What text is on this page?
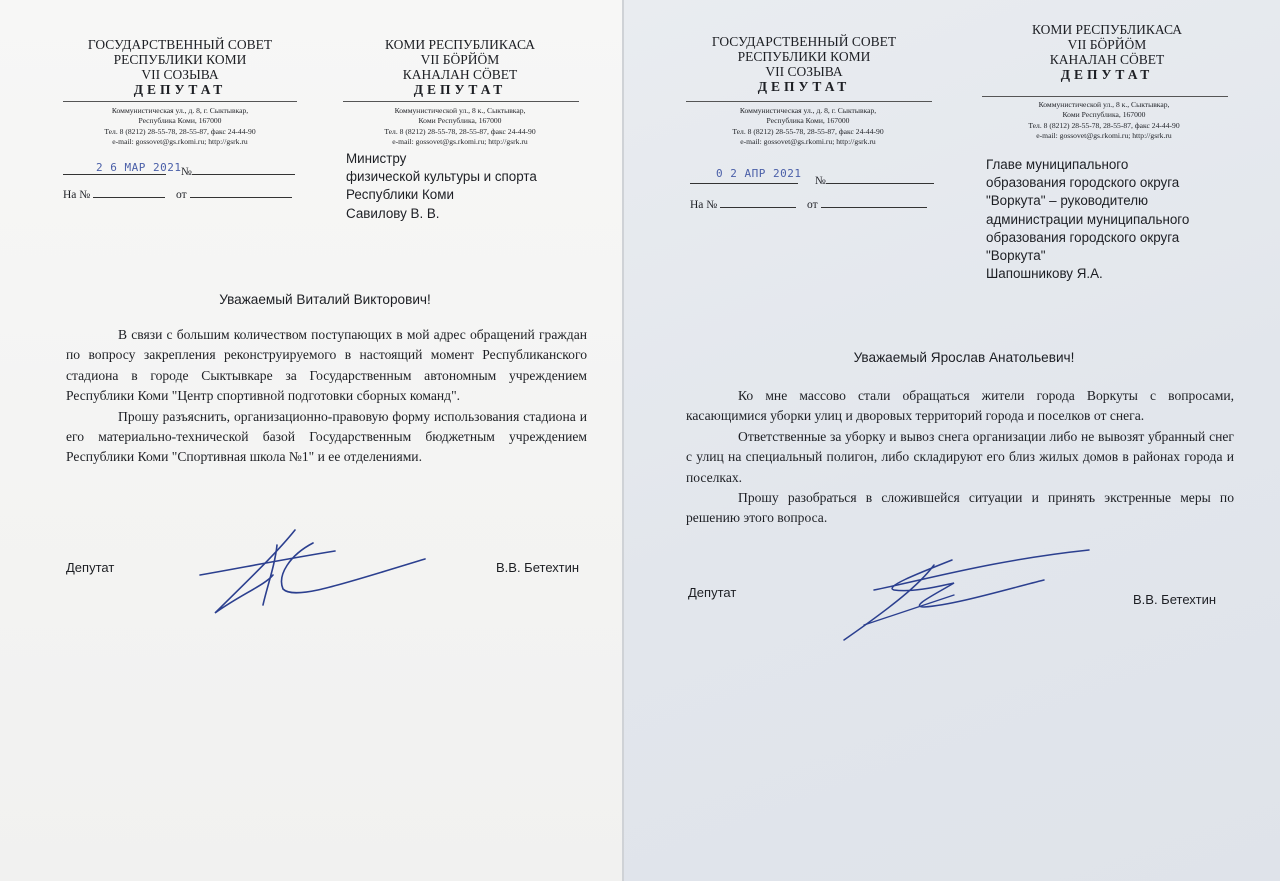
ГОСУДАРСТВЕННЫЙ СОВЕТ
РЕСПУБЛИКИ КОМИ
VII СОЗЫВА
ДЕПУТАТ
КОМИ РЕСПУБЛИКАСА
VII БӦРЙӦМ
КАНАЛАН СӦВЕТ
ДЕПУТАТ
Коммунистическая ул., д. 8, г. Сыктывкар,
Республика Коми, 167000
Тел. 8 (8212) 28-55-78, 28-55-87, факс 24-44-90
e-mail: gossovet@gs.rkomi.ru; http://gsrk.ru
Коммунистической ул., 8 к., Сыктывкар,
Коми Республика, 167000
Тел. 8 (8212) 28-55-78, 28-55-87, факс 24-44-90
e-mail: gossovet@gs.rkomi.ru; http://gsrk.ru
2 6 МАР 2021 №
На №	от
Министру
физической культуры и спорта
Республики Коми
Савилову В. В.
Уважаемый Виталий Викторович!

В связи с большим количеством поступающих в мой адрес обращений граждан по вопросу закрепления реконструируемого в настоящий момент Республиканского стадиона в городе Сыктывкаре за Государственным автономным учреждением Республики Коми "Центр спортивной подготовки сборных команд".

Прошу разъяснить, организационно-правовую форму использования стадиона и его материально-технической базой Государственным бюджетным учреждением Республики Коми "Спортивная школа №1" и ее отделениями.

Депутат	В.В. Бетехтин
ГОСУДАРСТВЕННЫЙ СОВЕТ
РЕСПУБЛИКИ КОМИ
VII СОЗЫВА
ДЕПУТАТ
КОМИ РЕСПУБЛИКАСА
VII БӦРЙӦМ
КАНАЛАН СӦВЕТ
ДЕПУТАТ
Коммунистическая ул., д. 8, г. Сыктывкар,
Республика Коми, 167000
Тел. 8 (8212) 28-55-78, 28-55-87, факс 24-44-90
e-mail: gossovet@gs.rkomi.ru; http://gsrk.ru
Коммунистической ул., 8 к., Сыктывкар,
Коми Республика, 167000
Тел. 8 (8212) 28-55-78, 28-55-87, факс 24-44-90
e-mail: gossovet@gs.rkomi.ru; http://gsrk.ru
0 2 АПР 2021
№
На №	от
Главе муниципального
образования городского округа
"Воркута" – руководителю
администрации муниципального
образования городского округа
"Воркута"
Шапошникову Я.А.
Уважаемый Ярослав Анатольевич!

Ко мне массово стали обращаться жители города Воркуты с вопросами, касающимися уборки улиц и дворовых территорий города и поселков от снега.

Ответственные за уборку и вывоз снега организации либо не вывозят убранный снег с улиц на специальный полигон, либо складируют его близ жилых домов в районах города и поселках.

Прошу разобраться в сложившейся ситуации и принять экстренные меры по решению этого вопроса.

Депутат	В.В. Бетехтин
